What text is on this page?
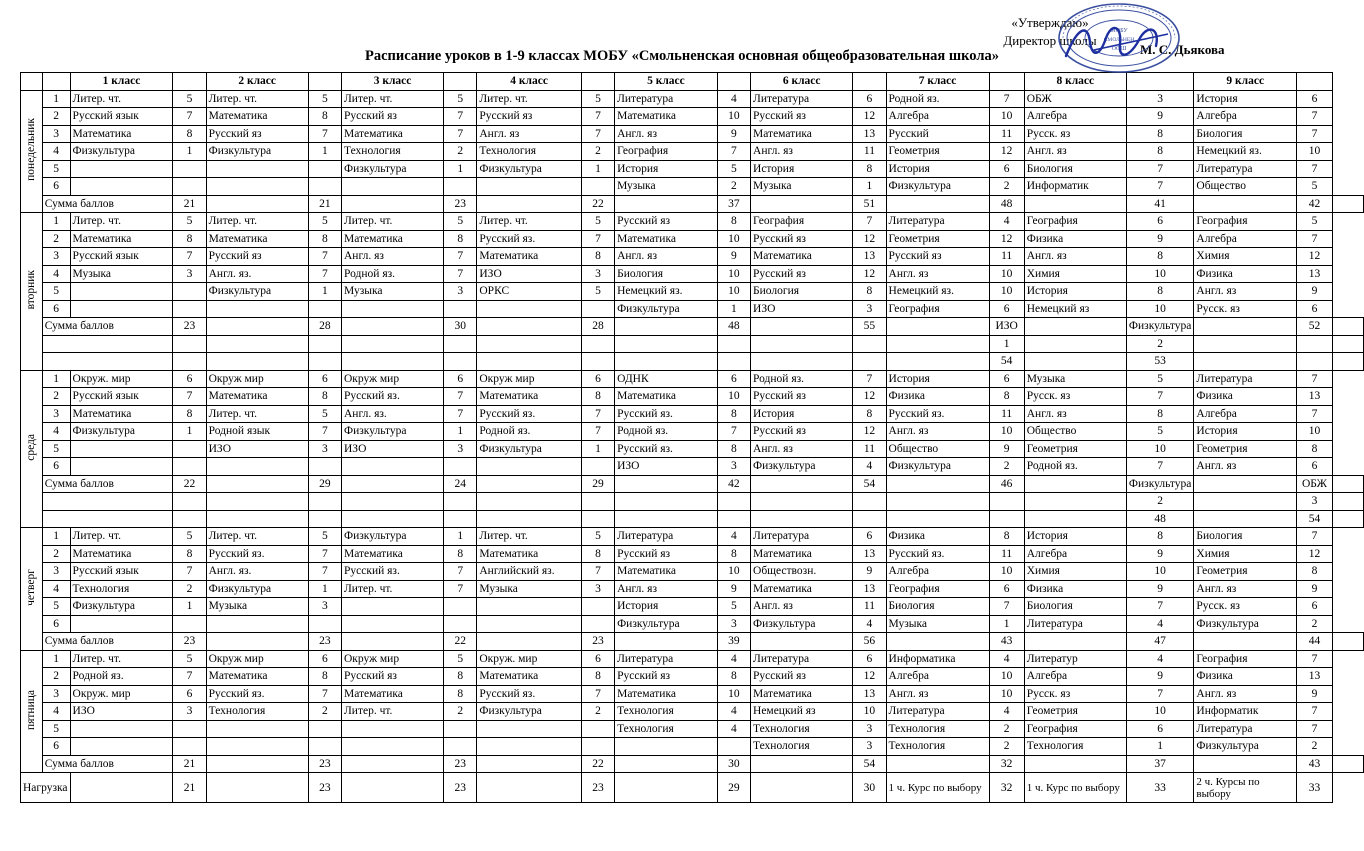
«Утверждаю»
Директор школы
М. С. Дьякова
МОБУ
СМОЛЬНЕН
ООШ
Расписание уроков в 1-9 классах МОБУ «Смольненская основная общеобразовательная школа»
		1 класс		2 класс		3 класс		4 класс		5 класс		6 класс		7 класс		8 класс		9 класс		
понедельник	1	Литер. чт.	5	Литер. чт.	5	Литер. чт.	5	Литер. чт.	5	Литература	4	Литература	6	Родной яз.	7	ОБЖ	3	История	6	
	2	Русский язык	7	Математика	8	Русский яз	7	Русский яз	7	Математика	10	Русский яз	12	Алгебра	10	Алгебра	9	Алгебра	7	
	3	Математика	8	Русский яз	7	Математика	7	Англ. яз	7	Англ. яз	9	Математика	13	Русский	11	Русск. яз	8	Биология	7	
	4	Физкультура	1	Физкультура	1	Технология	2	Технология	2	География	7	Англ. яз	11	Геометрия	12	Англ. яз	8	Немецкий яз.	10	
	5					Физкультура	1	Физкультура	1	История	5	История	8	История	6	Биология	7	Литература	7	
	6									Музыка	2	Музыка	1	Физкультура	2	Информатик	7	Общество	5	
	Сумма баллов		21		21		23		22		37		51		48		41		42	
вторник	1	Литер. чт.	5	Литер. чт.	5	Литер. чт.	5	Литер. чт.	5	Русский яз	8	География	7	Литература	4	География	6	География	5	
	2	Математика	8	Математика	8	Математика	8	Русский яз.	7	Математика	10	Русский яз	12	Геометрия	12	Физика	9	Алгебра	7	
	3	Русский язык	7	Русский яз	7	Англ. яз	7	Математика	8	Англ. яз	9	Математика	13	Русский яз	11	Англ. яз	8	Химия	12	
	4	Музыка	3	Англ. яз.	7	Родной яз.	7	ИЗО	3	Биология	10	Русский яз	12	Англ. яз	10	Химия	10	Физика	13	
	5			Физкультура	1	Музыка	3	ОРКС	5	Немецкий яз.	10	Биология	8	Немецкий яз.	10	История	8	Англ. яз	9	
	6									Физкультура	1	ИЗО	3	География	6	Немецкий яз	10	Русск. яз	6	
	Сумма баллов		23		28		30		28		48		55		ИЗО		Физкультура		52	
															1		2			
															54		53			
среда	1	Окруж. мир	6	Окруж мир	6	Окруж мир	6	Окруж мир	6	ОДНК	6	Родной яз.	7	История	6	Музыка	5	Литература	7	
	2	Русский язык	7	Математика	8	Русский яз.	7	Математика	8	Математика	10	Русский яз	12	Физика	8	Русск. яз	7	Физика	13	
	3	Математика	8	Литер. чт.	5	Англ. яз.	7	Русский яз.	7	Русский яз.	8	История	8	Русский яз.	11	Англ. яз	8	Алгебра	7	
	4	Физкультура	1	Родной язык	7	Физкультура	1	Родной яз.	7	Родной яз.	7	Русский яз	12	Англ. яз	10	Общество	5	История	10	
	5			ИЗО	3	ИЗО	3	Физкультура	1	Русский яз.	8	Англ. яз	11	Общество	9	Геометрия	10	Геометрия	8	
	6									ИЗО	3	Физкультура	4	Физкультура	2	Родной яз.	7	Англ. яз	6	
	Сумма баллов		22		29		24		29		42		54		46		Физкультура		ОБЖ	
																	2		3	
																	48		54	
четверг	1	Литер. чт.	5	Литер. чт.	5	Физкультура	1	Литер. чт.	5	Литература	4	Литература	6	Физика	8	История	8	Биология	7	
	2	Математика	8	Русский яз.	7	Математика	8	Математика	8	Русский яз	8	Математика	13	Русский яз.	11	Алгебра	9	Химия	12	
	3	Русский язык	7	Англ. яз.	7	Русский яз.	7	Английский яз.	7	Математика	10	Обществозн.	9	Алгебра	10	Химия	10	Геометрия	8	
	4	Технология	2	Физкультура	1	Литер. чт.	7	Музыка	3	Англ. яз	9	Математика	13	География	6	Физика	9	Англ. яз	9	
	5	Физкультура	1	Музыка	3					История	5	Англ. яз	11	Биология	7	Биология	7	Русск. яз	6	
	6									Физкультура	3	Физкультура	4	Музыка	1	Литература	4	Физкультура	2	
	Сумма баллов		23		23		22		23		39		56		43		47		44	
пятница	1	Литер. чт.	5	Окруж мир	6	Окруж мир	5	Окруж. мир	6	Литература	4	Литература	6	Информатика	4	Литератур	4	География	7	
	2	Родной яз.	7	Математика	8	Русский яз	8	Математика	8	Русский яз	8	Русский яз	12	Алгебра	10	Алгебра	9	Физика	13	
	3	Окруж. мир	6	Русский яз.	7	Математика	8	Русский яз.	7	Математика	10	Математика	13	Англ. яз	10	Русск. яз	7	Англ. яз	9	
	4	ИЗО	3	Технология	2	Литер. чт.	2	Физкультура	2	Технология	4	Немецкий яз	10	Литература	4	Геометрия	10	Информатик	7	
	5									Технология	4	Технология	3	Технология	2	География	6	Литература	7	
	6											Технология	3	Технология	2	Технология	1	Физкультура	2	
	Сумма баллов		21		23		23		22		30		54		32		37		43	
Нагрузка			21		23		23		23		29		30	1 ч. Курс по выбору	32	1 ч. Курс по выбору	33	2 ч. Курсы по выбору	33	
